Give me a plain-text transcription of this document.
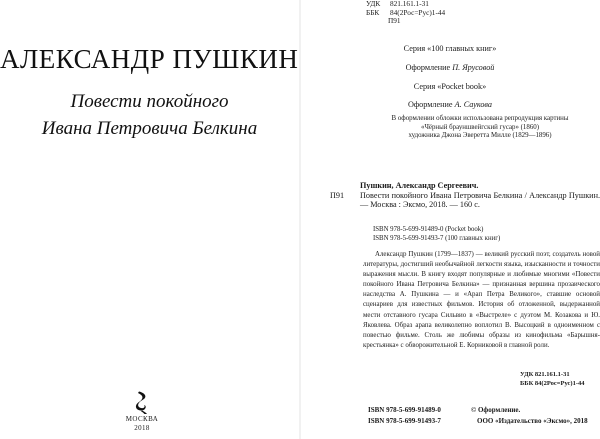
АЛЕКСАНДР ПУШКИН
Повести покойного
Ивана Петровича Белкина
МОСКВА
2018
УДК	821.161.1-31
ББК	84(2Рос=Рус)1-44
П91
Серия «100 главных книг»
Оформление П. Ярусовой
Серия «Pocket book»
Оформление А. Саукова
В оформлении обложки использована репродукция картины
«Чёрный брауншвейгский гусар» (1860)
художника Джона Эверетта Милле (1829—1896)
Пушкин, Александр Сергеевич.
П91	Повести покойного Ивана Петровича Белкина / Александр Пушкин. — Москва : Эксмо, 2018. — 160 с.
ISBN 978-5-699-91489-0 (Pocket book)
ISBN 978-5-699-91493-7 (100 главных книг)
Александр Пушкин (1799—1837) — великий русский поэт, создатель новой литературы, достигший необычайной легкости языка, изысканности и точности выражения мысли. В книгу входят популярные и любимые многими «Повести покойного Ивана Петровича Белкина» — признанная вершина прозаического наследства А. Пушкина — и «Арап Петра Великого», ставшие основой сценариев для известных фильмов. История об отложенной, выдержанной мести отставного гусара Сильвио в «Выстреле» с дуэтом М. Козакова и Ю. Яковлева. Образ арапа великолепно воплотил В. Высоцкий в одноименном с повестью фильме. Столь же любимы образы из кинофильма «Барышня-крестьянка» с обворожительной Е. Корниковой в главной роли.
УДК 821.161.1-31
ББК 84(2Рос=Рус)1-44
ISBN 978-5-699-91489-0
ISBN 978-5-699-91493-7
© Оформление.
ООО «Издательство «Эксмо», 2018
